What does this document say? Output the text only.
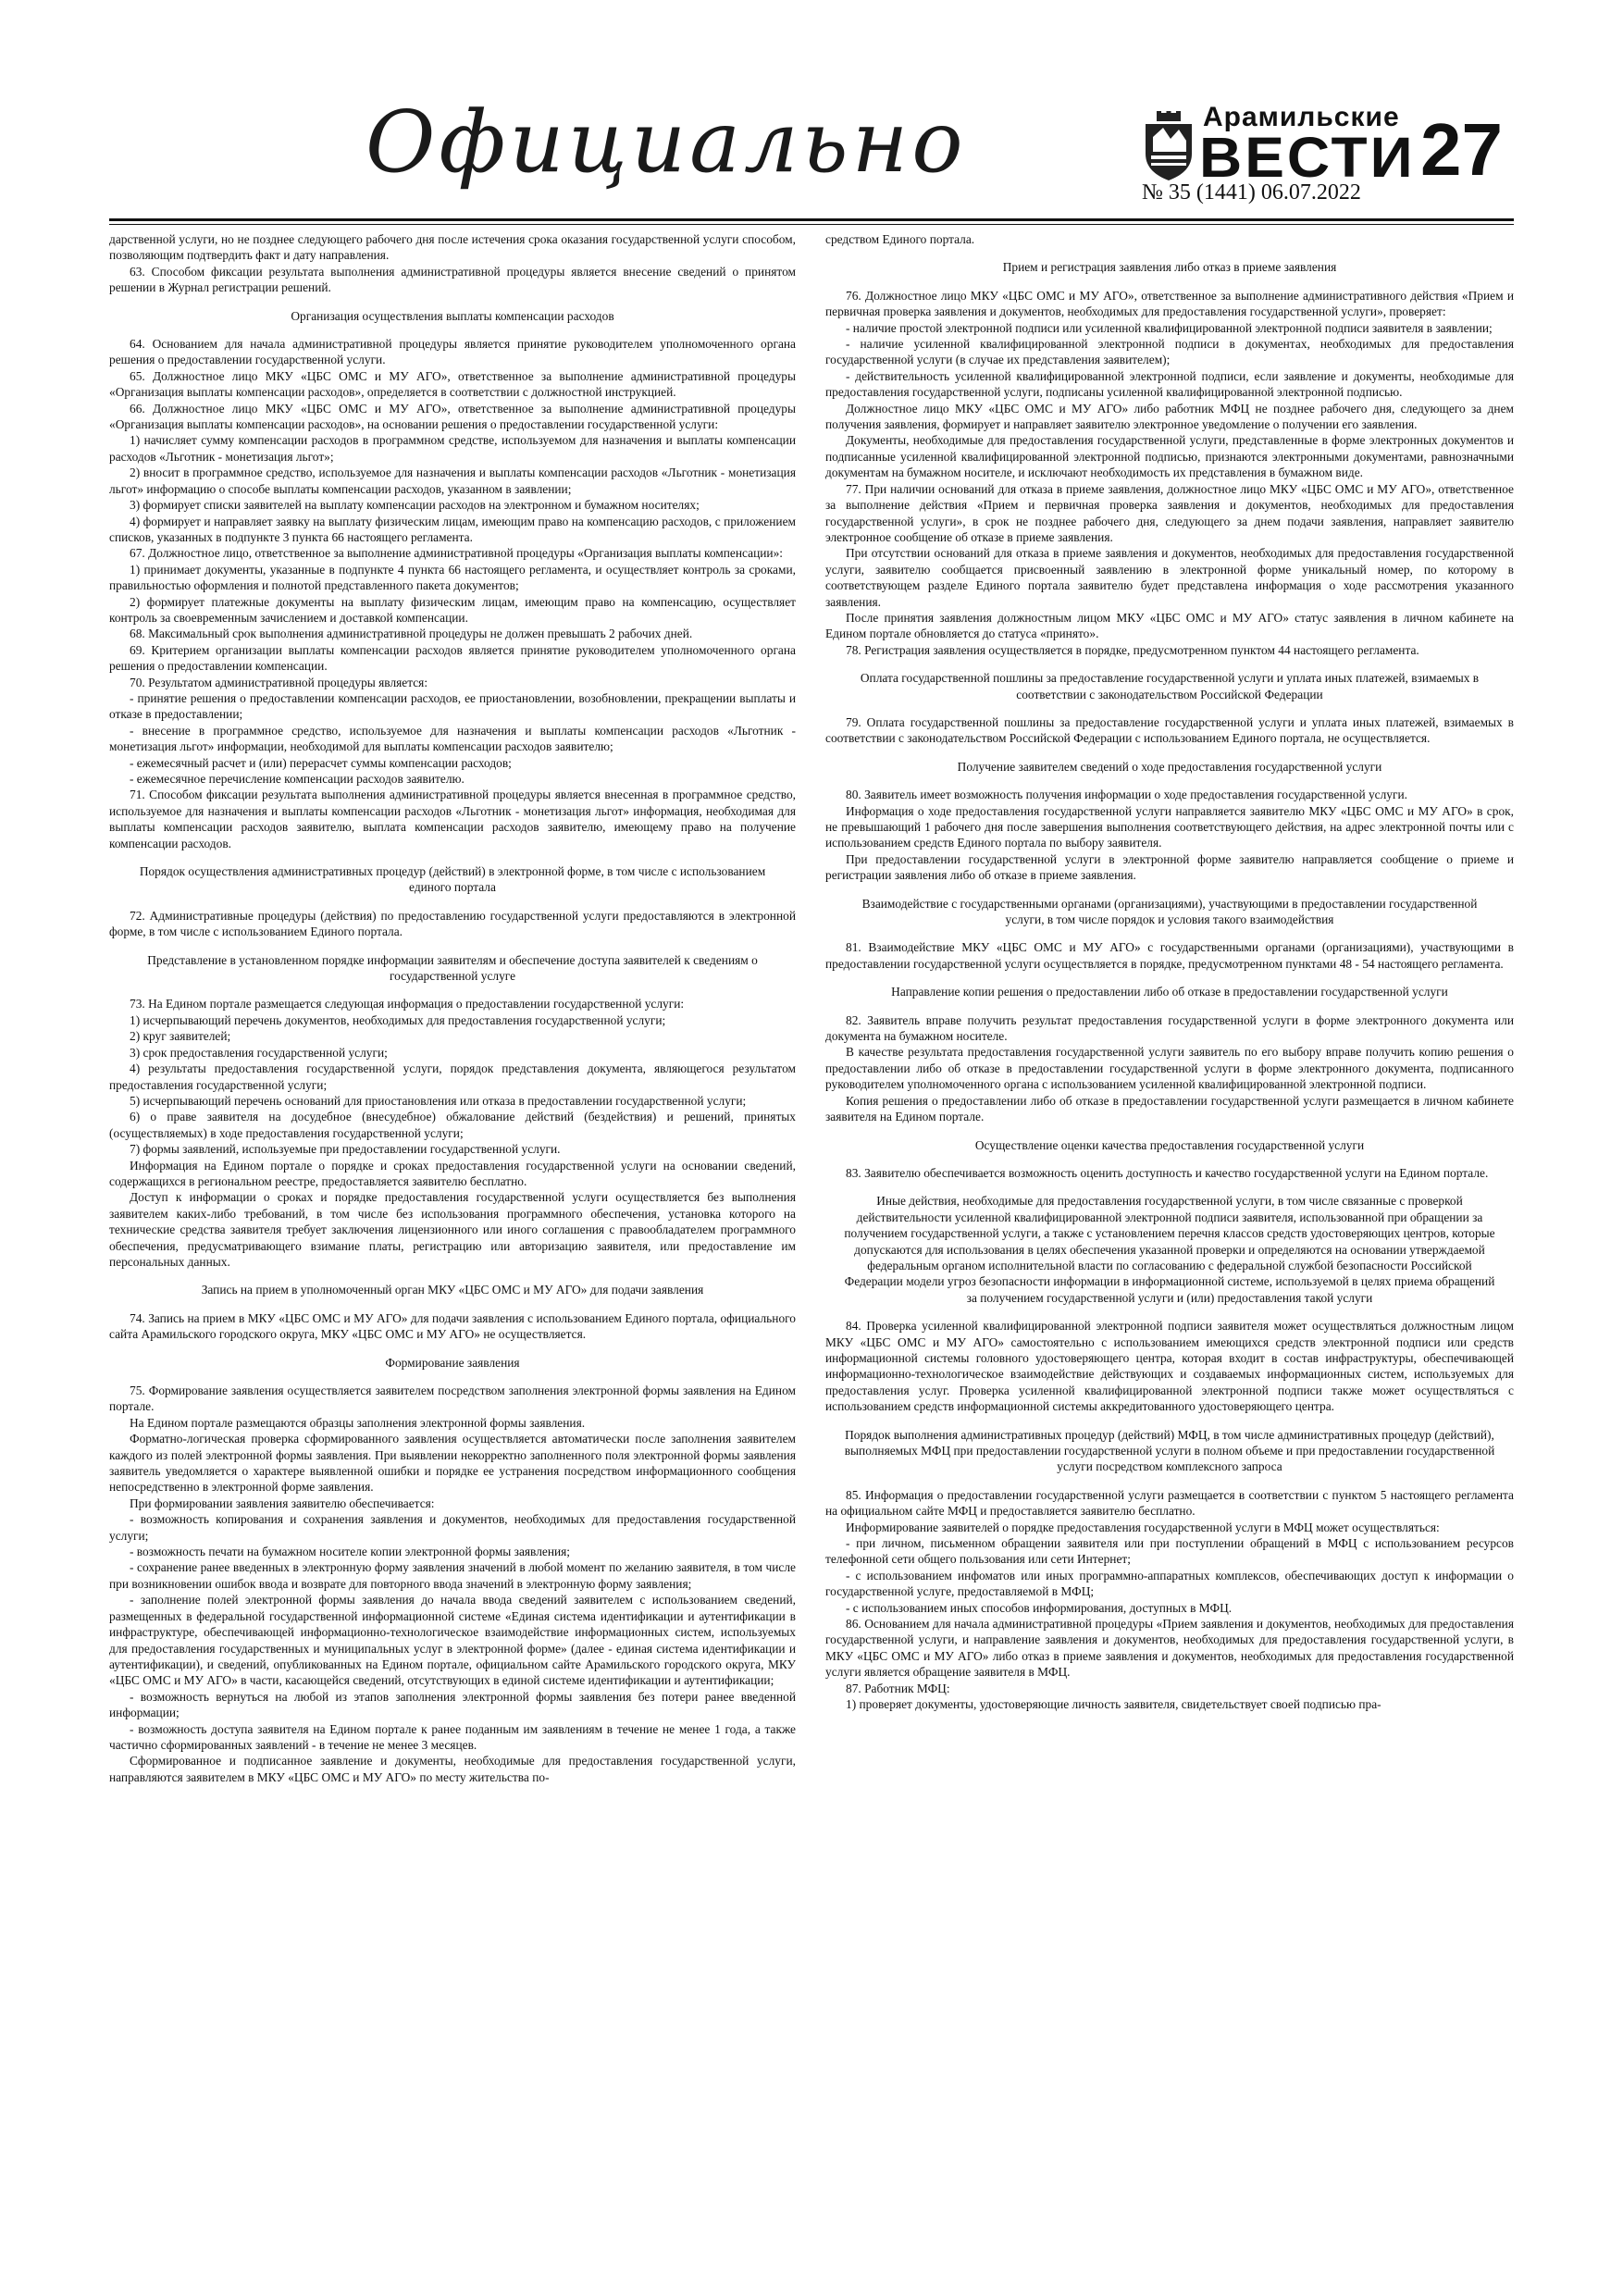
Официально	Арамильские
ВЕСТИ
№ 35 (1441) 06.07.2022
27

дарственной услуги, но не позднее следующего рабочего дня после истечения срока оказания государственной услуги способом, позволяющим подтвердить факт и дату направления.

63. Способом фиксации результата выполнения административной процедуры является внесение сведений о принятом решении в Журнал регистрации решений.

Организация осуществления выплаты компенсации расходов

64. Основанием для начала административной процедуры является принятие руководителем уполномоченного органа решения о предоставлении государственной услуги.

65. Должностное лицо МКУ «ЦБС ОМС и МУ АГО», ответственное за выполнение административной процедуры «Организация выплаты компенсации расходов», определяется в соответствии с должностной инструкцией.

66. Должностное лицо МКУ «ЦБС ОМС и МУ АГО», ответственное за выполнение административной процедуры «Организация выплаты компенсации расходов», на основании решения о предоставлении государственной услуги:

1) начисляет сумму компенсации расходов в программном средстве, используемом для назначения и выплаты компенсации расходов «Льготник - монетизация льгот»;

2) вносит в программное средство, используемое для назначения и выплаты компенсации расходов «Льготник - монетизация льгот» информацию о способе выплаты компенсации расходов, указанном в заявлении;

3) формирует списки заявителей на выплату компенсации расходов на электронном и бумажном носителях;

4) формирует и направляет заявку на выплату физическим лицам, имеющим право на компенсацию расходов, с приложением списков, указанных в подпункте 3 пункта 66 настоящего регламента.

67. Должностное лицо, ответственное за выполнение административной процедуры «Организация выплаты компенсации»:

1) принимает документы, указанные в подпункте 4 пункта 66 настоящего регламента, и осуществляет контроль за сроками, правильностью оформления и полнотой представленного пакета документов;

2) формирует платежные документы на выплату физическим лицам, имеющим право на компенсацию, осуществляет контроль за своевременным зачислением и доставкой компенсации.

68. Максимальный срок выполнения административной процедуры не должен превышать 2 рабочих дней.

69. Критерием организации выплаты компенсации расходов является принятие руководителем уполномоченного органа решения о предоставлении компенсации.

70. Результатом административной процедуры является:

- принятие решения о предоставлении компенсации расходов, ее приостановлении, возобновлении, прекращении выплаты и отказе в предоставлении;

- внесение в программное средство, используемое для назначения и выплаты компенсации расходов «Льготник - монетизация льгот» информации, необходимой для выплаты компенсации расходов заявителю;

- ежемесячный расчет и (или) перерасчет суммы компенсации расходов;

- ежемесячное перечисление компенсации расходов заявителю.

71. Способом фиксации результата выполнения административной процедуры является внесенная в программное средство, используемое для назначения и выплаты компенсации расходов «Льготник - монетизация льгот» информация, необходимая для выплаты компенсации расходов заявителю, выплата компенсации расходов заявителю, имеющему право на получение компенсации расходов.

Порядок осуществления административных процедур (действий) в электронной форме, в том числе с использованием единого портала

72. Административные процедуры (действия) по предоставлению государственной услуги предоставляются в электронной форме, в том числе с использованием Единого портала.

Представление в установленном порядке информации заявителям и обеспечение доступа заявителей к сведениям о государственной услуге

73. На Едином портале размещается следующая информация о предоставлении государственной услуги:

1) исчерпывающий перечень документов, необходимых для предоставления государственной услуги;

2) круг заявителей;

3) срок предоставления государственной услуги;

4) результаты предоставления государственной услуги, порядок представления документа, являющегося результатом предоставления государственной услуги;

5) исчерпывающий перечень оснований для приостановления или отказа в предоставлении государственной услуги;

6) о праве заявителя на досудебное (внесудебное) обжалование действий (бездействия) и решений, принятых (осуществляемых) в ходе предоставления государственной услуги;

7) формы заявлений, используемые при предоставлении государственной услуги.

Информация на Едином портале о порядке и сроках предоставления государственной услуги на основании сведений, содержащихся в региональном реестре, предоставляется заявителю бесплатно.

Доступ к информации о сроках и порядке предоставления государственной услуги осуществляется без выполнения заявителем каких-либо требований, в том числе без использования программного обеспечения, установка которого на технические средства заявителя требует заключения лицензионного или иного соглашения с правообладателем программного обеспечения, предусматривающего взимание платы, регистрацию или авторизацию заявителя, или предоставление им персональных данных.

Запись на прием в уполномоченный орган МКУ «ЦБС ОМС и МУ АГО» для подачи заявления

74. Запись на прием в МКУ «ЦБС ОМС и МУ АГО» для подачи заявления с использованием Единого портала, официального сайта Арамильского городского округа, МКУ «ЦБС ОМС и МУ АГО» не осуществляется.

Формирование заявления

75. Формирование заявления осуществляется заявителем посредством заполнения электронной формы заявления на Едином портале.

На Едином портале размещаются образцы заполнения электронной формы заявления.

Форматно-логическая проверка сформированного заявления осуществляется автоматически после заполнения заявителем каждого из полей электронной формы заявления. При выявлении некорректно заполненного поля электронной формы заявления заявитель уведомляется о характере выявленной ошибки и порядке ее устранения посредством информационного сообщения непосредственно в электронной форме заявления.

При формировании заявления заявителю обеспечивается:

- возможность копирования и сохранения заявления и документов, необходимых для предоставления государственной услуги;

- возможность печати на бумажном носителе копии электронной формы заявления;

- сохранение ранее введенных в электронную форму заявления значений в любой момент по желанию заявителя, в том числе при возникновении ошибок ввода и возврате для повторного ввода значений в электронную форму заявления;

- заполнение полей электронной формы заявления до начала ввода сведений заявителем с использованием сведений, размещенных в федеральной государственной информационной системе «Единая система идентификации и аутентификации в инфраструктуре, обеспечивающей информационно-технологическое взаимодействие информационных систем, используемых для предоставления государственных и муниципальных услуг в электронной форме» (далее - единая система идентификации и аутентификации), и сведений, опубликованных на Едином портале, официальном сайте Арамильского городского округа, МКУ «ЦБС ОМС и МУ АГО» в части, касающейся сведений, отсутствующих в единой системе идентификации и аутентификации;

- возможность вернуться на любой из этапов заполнения электронной формы заявления без потери ранее введенной информации;

- возможность доступа заявителя на Едином портале к ранее поданным им заявлениям в течение не менее 1 года, а также частично сформированных заявлений - в течение не менее 3 месяцев.

Сформированное и подписанное заявление и документы, необходимые для предоставления государственной услуги, направляются заявителем в МКУ «ЦБС ОМС и МУ АГО» по месту жительства по-

средством Единого портала.

Прием и регистрация заявления либо отказ в приеме заявления

76. Должностное лицо МКУ «ЦБС ОМС и МУ АГО», ответственное за выполнение административного действия «Прием и первичная проверка заявления и документов, необходимых для предоставления государственной услуги», проверяет:

- наличие простой электронной подписи или усиленной квалифицированной электронной подписи заявителя в заявлении;

- наличие усиленной квалифицированной электронной подписи в документах, необходимых для предоставления государственной услуги (в случае их представления заявителем);

- действительность усиленной квалифицированной электронной подписи, если заявление и документы, необходимые для предоставления государственной услуги, подписаны усиленной квалифицированной электронной подписью.

Должностное лицо МКУ «ЦБС ОМС и МУ АГО» либо работник МФЦ не позднее рабочего дня, следующего за днем получения заявления, формирует и направляет заявителю электронное уведомление о получении его заявления.

Документы, необходимые для предоставления государственной услуги, представленные в форме электронных документов и подписанные усиленной квалифицированной электронной подписью, признаются электронными документами, равнозначными документам на бумажном носителе, и исключают необходимость их представления в бумажном виде.

77. При наличии оснований для отказа в приеме заявления, должностное лицо МКУ «ЦБС ОМС и МУ АГО», ответственное за выполнение действия «Прием и первичная проверка заявления и документов, необходимых для предоставления государственной услуги», в срок не позднее рабочего дня, следующего за днем подачи заявления, направляет заявителю электронное сообщение об отказе в приеме заявления.

При отсутствии оснований для отказа в приеме заявления и документов, необходимых для предоставления государственной услуги, заявителю сообщается присвоенный заявлению в электронной форме уникальный номер, по которому в соответствующем разделе Единого портала заявителю будет представлена информация о ходе рассмотрения указанного заявления.

После принятия заявления должностным лицом МКУ «ЦБС ОМС и МУ АГО» статус заявления в личном кабинете на Едином портале обновляется до статуса «принято».

78. Регистрация заявления осуществляется в порядке, предусмотренном пунктом 44 настоящего регламента.

Оплата государственной пошлины за предоставление государственной услуги и уплата иных платежей, взимаемых в соответствии с законодательством Российской Федерации

79. Оплата государственной пошлины за предоставление государственной услуги и уплата иных платежей, взимаемых в соответствии с законодательством Российской Федерации с использованием Единого портала, не осуществляется.

Получение заявителем сведений о ходе предоставления государственной услуги

80. Заявитель имеет возможность получения информации о ходе предоставления государственной услуги.

Информация о ходе предоставления государственной услуги направляется заявителю МКУ «ЦБС ОМС и МУ АГО» в срок, не превышающий 1 рабочего дня после завершения выполнения соответствующего действия, на адрес электронной почты или с использованием средств Единого портала по выбору заявителя.

При предоставлении государственной услуги в электронной форме заявителю направляется сообщение о приеме и регистрации заявления либо об отказе в приеме заявления.

Взаимодействие с государственными органами (организациями), участвующими в предоставлении государственной услуги, в том числе порядок и условия такого взаимодействия

81. Взаимодействие МКУ «ЦБС ОМС и МУ АГО» с государственными органами (организациями), участвующими в предоставлении государственной услуги осуществляется в порядке, предусмотренном пунктами 48 - 54 настоящего регламента.

Направление копии решения о предоставлении либо об отказе в предоставлении государственной услуги

82. Заявитель вправе получить результат предоставления государственной услуги в форме электронного документа или документа на бумажном носителе.

В качестве результата предоставления государственной услуги заявитель по его выбору вправе получить копию решения о предоставлении либо об отказе в предоставлении государственной услуги в форме электронного документа, подписанного руководителем уполномоченного органа с использованием усиленной квалифицированной электронной подписи.

Копия решения о предоставлении либо об отказе в предоставлении государственной услуги размещается в личном кабинете заявителя на Едином портале.

Осуществление оценки качества предоставления государственной услуги

83. Заявителю обеспечивается возможность оценить доступность и качество государственной услуги на Едином портале.

Иные действия, необходимые для предоставления государственной услуги, в том числе связанные с проверкой действительности усиленной квалифицированной электронной подписи заявителя, использованной при обращении за получением государственной услуги, а также с установлением перечня классов средств удостоверяющих центров, которые допускаются для использования в целях обеспечения указанной проверки и определяются на основании утверждаемой федеральным органом исполнительной власти по согласованию с федеральной службой безопасности Российской Федерации модели угроз безопасности информации в информационной системе, используемой в целях приема обращений за получением государственной услуги и (или) предоставления такой услуги

84. Проверка усиленной квалифицированной электронной подписи заявителя может осуществляться должностным лицом МКУ «ЦБС ОМС и МУ АГО» самостоятельно с использованием имеющихся средств электронной подписи или средств информационной системы головного удостоверяющего центра, которая входит в состав инфраструктуры, обеспечивающей информационно-технологическое взаимодействие действующих и создаваемых информационных систем, используемых для предоставления услуг. Проверка усиленной квалифицированной электронной подписи также может осуществляться с использованием средств информационной системы аккредитованного удостоверяющего центра.

Порядок выполнения административных процедур (действий) МФЦ, в том числе административных процедур (действий), выполняемых МФЦ при предоставлении государственной услуги в полном объеме и при предоставлении государственной услуги посредством комплексного запроса

85. Информация о предоставлении государственной услуги размещается в соответствии с пунктом 5 настоящего регламента на официальном сайте МФЦ и предоставляется заявителю бесплатно.

Информирование заявителей о порядке предоставления государственной услуги в МФЦ может осуществляться:

- при личном, письменном обращении заявителя или при поступлении обращений в МФЦ с использованием ресурсов телефонной сети общего пользования или сети Интернет;

- с использованием инфоматов или иных программно-аппаратных комплексов, обеспечивающих доступ к информации о государственной услуге, предоставляемой в МФЦ;

- с использованием иных способов информирования, доступных в МФЦ.

86. Основанием для начала административной процедуры «Прием заявления и документов, необходимых для предоставления государственной услуги, и направление заявления и документов, необходимых для предоставления государственной услуги, в МКУ «ЦБС ОМС и МУ АГО» либо отказ в приеме заявления и документов, необходимых для предоставления государственной услуги является обращение заявителя в МФЦ.

87. Работник МФЦ:

1) проверяет документы, удостоверяющие личность заявителя, свидетельствует своей подписью пра-
